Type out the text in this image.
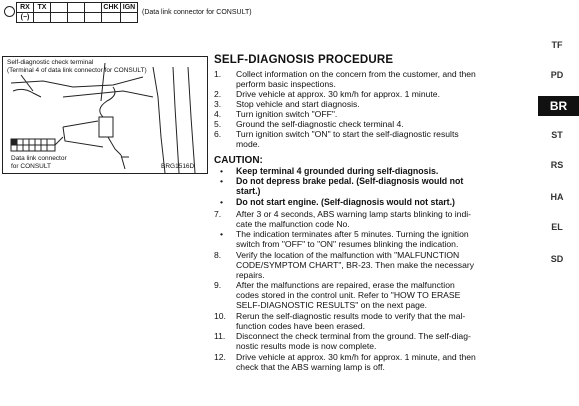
RX	TX				CHK	IGN	(Data link connector for CONSULT)
(−)							
Self-diagnostic check terminal
(Terminal 4 of data link connector for CONSULT)
Data link connector
for CONSULT	BRG1516D
SELF-DIAGNOSIS PROCEDURE
1.	Collect information on the concern from the customer, and then
perform basic inspections.
2.	Drive vehicle at approx. 30 km/h for approx. 1 minute.
3.	Stop vehicle and start diagnosis.
4.	Turn ignition switch "OFF".
5.	Ground the self-diagnostic check terminal 4.
6.	Turn ignition switch "ON" to start the self-diagnostic results
mode.
CAUTION:
•	Keep terminal 4 grounded during self-diagnosis.
•	Do not depress brake pedal. (Self-diagnosis would not
start.)
•	Do not start engine. (Self-diagnosis would not start.)
7.	After 3 or 4 seconds, ABS warning lamp starts blinking to indi-
cate the malfunction code No.
•	The indication terminates after 5 minutes. Turning the ignition
switch from "OFF" to "ON" resumes blinking the indication.
8.	Verify the location of the malfunction with "MALFUNCTION
CODE/SYMPTOM CHART", BR-23. Then make the necessary
repairs.
9.	After the malfunctions are repaired, erase the malfunction
codes stored in the control unit. Refer to "HOW TO ERASE
SELF-DIAGNOSTIC RESULTS" on the next page.
10.	Rerun the self-diagnostic results mode to verify that the mal-
function codes have been erased.
11.	Disconnect the check terminal from the ground. The self-diag-
nostic results mode is now complete.
12.	Drive vehicle at approx. 30 km/h for approx. 1 minute, and then
check that the ABS warning lamp is off.
TF
PD
BR
ST
RS
HA
EL
SD
